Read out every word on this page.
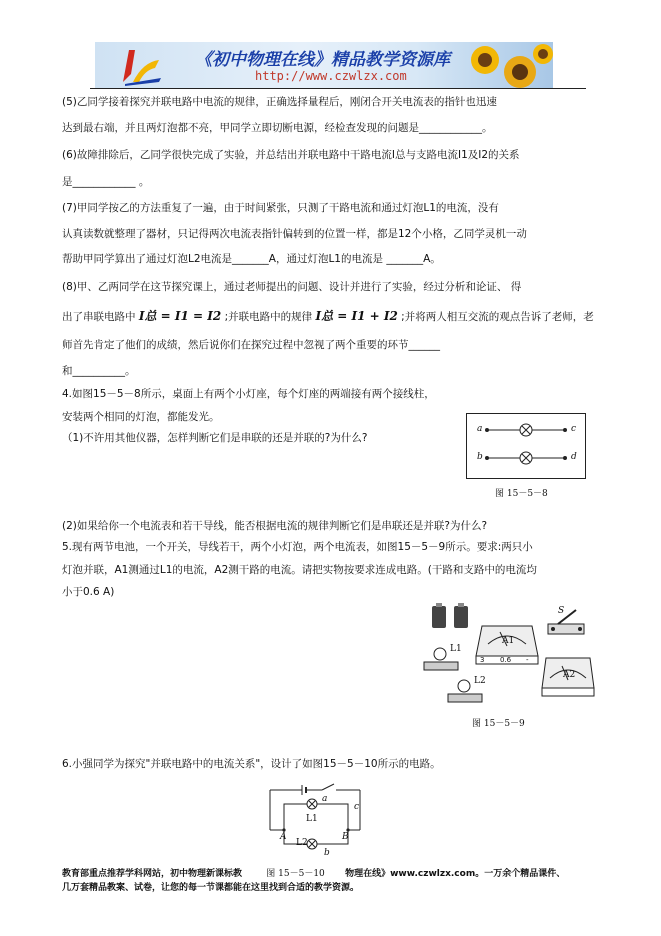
《初中物理在线》精品教学资源库
http://www.czwlzx.com
(5)乙同学接着探究并联电路中电流的规律，正确选择量程后，刚闭合开关电流表的指针也迅速
达到最右端，并且两灯泡都不亮，甲同学立即切断电源，经检查发现的问题是____________。
(6)故障排除后，乙同学很快完成了实验，并总结出并联电路中干路电流I总与支路电流I1及I2的关系
是____________ 。
(7)甲同学按乙的方法重复了一遍，由于时间紧张，只测了干路电流和通过灯泡L1的电流，没有
认真读数就整理了器材，只记得两次电流表指针偏转到的位置一样，都是12个小格，乙同学灵机一动
帮助甲同学算出了通过灯泡L2电流是_______A，通过灯泡L1的电流是 _______A。
(8)甲、乙两同学在这节探究课上，通过老师提出的问题、设计并进行了实验，经过分析和论证、 得
出了串联电路中 I总 = I1 = I2 ;并联电路中的规律 I总 = I1 + I2 ;并将两人相互交流的观点告诉了老师，老
师首先肯定了他们的成绩，然后说你们在探究过程中忽视了两个重要的环节______
和__________。
4.如图15－5－8所示，桌面上有两个小灯座，每个灯座的两端接有两个接线柱，
安装两个相同的灯泡，都能发光。
（1)不许用其他仪器，怎样判断它们是串联的还是并联的?为什么?
a	c
b	d
图 15－5－8
(2)如果给你一个电流表和若干导线，能否根据电流的规律判断它们是串联还是并联?为什么?
5.现有两节电池，一个开关，导线若干，两个小灯泡，两个电流表，如图15－5－9所示。要求:两只小
灯泡并联，A1测通过L1的电流，A2测干路的电流。请把实物按要求连成电路。(干路和支路中的电流均
小于0.6 A)
S
A1
A2
L1
L2
3 0.6 -
图 15－5－9
6.小强同学为探究"并联电路中的电流关系"，设计了如图15－5－10所示的电路。
a
c
L1
A	B
L2
b
教育部重点推荐学科网站，初中物理新课标教	图 15－5－10 物理在线》www.czwlzx.com。一万余个精品课件、
几万套精品教案、试卷，让您的每一节课都能在这里找到合适的教学资源。
